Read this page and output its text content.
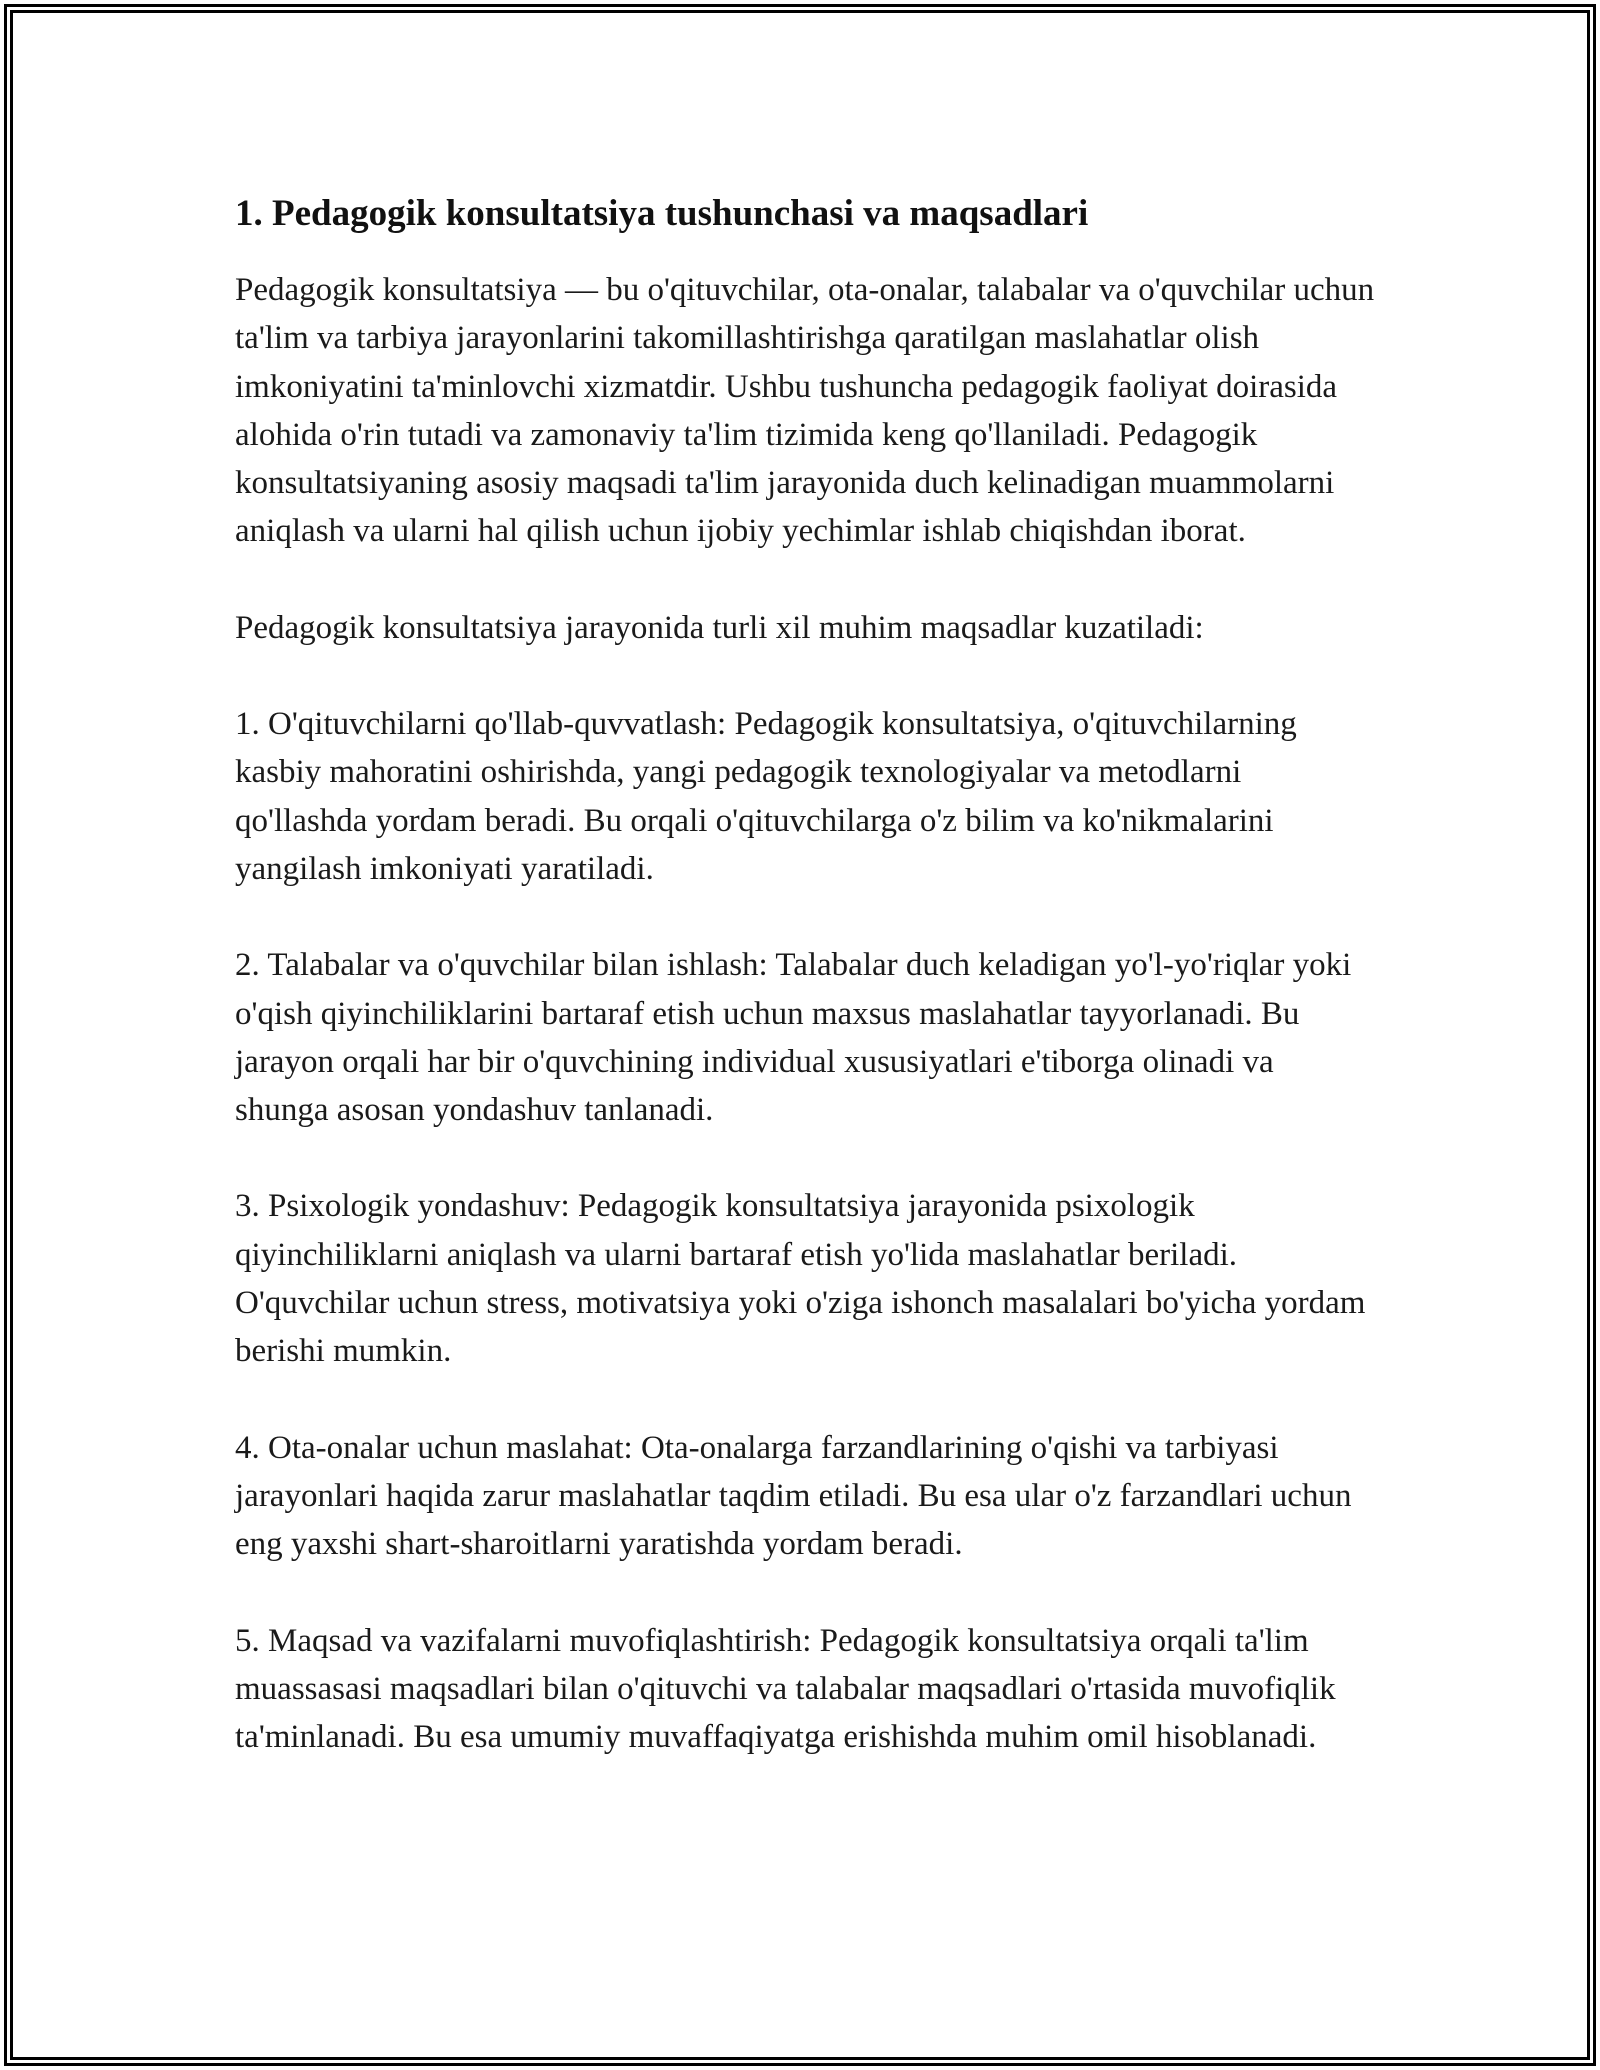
1. Pedagogik konsultatsiya tushunchasi va maqsadlari

Pedagogik konsultatsiya — bu o'qituvchilar, ota-onalar, talabalar va o'quvchilar uchun ta'lim va tarbiya jarayonlarini takomillashtirishga qaratilgan maslahatlar olish imkoniyatini ta'minlovchi xizmatdir. Ushbu tushuncha pedagogik faoliyat doirasida alohida o'rin tutadi va zamonaviy ta'lim tizimida keng qo'llaniladi. Pedagogik konsultatsiyaning asosiy maqsadi ta'lim jarayonida duch kelinadigan muammolarni aniqlash va ularni hal qilish uchun ijobiy yechimlar ishlab chiqishdan iborat.

Pedagogik konsultatsiya jarayonida turli xil muhim maqsadlar kuzatiladi:

1. O'qituvchilarni qo'llab-quvvatlash: Pedagogik konsultatsiya, o'qituvchilarning kasbiy mahoratini oshirishda, yangi pedagogik texnologiyalar va metodlarni qo'llashda yordam beradi. Bu orqali o'qituvchilarga o'z bilim va ko'nikmalarini yangilash imkoniyati yaratiladi.

2. Talabalar va o'quvchilar bilan ishlash: Talabalar duch keladigan yo'l-yo'riqlar yoki o'qish qiyinchiliklarini bartaraf etish uchun maxsus maslahatlar tayyorlanadi. Bu jarayon orqali har bir o'quvchining individual xususiyatlari e'tiborga olinadi va shunga asosan yondashuv tanlanadi.

3. Psixologik yondashuv: Pedagogik konsultatsiya jarayonida psixologik qiyinchiliklarni aniqlash va ularni bartaraf etish yo'lida maslahatlar beriladi. O'quvchilar uchun stress, motivatsiya yoki o'ziga ishonch masalalari bo'yicha yordam berishi mumkin.

4. Ota-onalar uchun maslahat: Ota-onalarga farzandlarining o'qishi va tarbiyasi jarayonlari haqida zarur maslahatlar taqdim etiladi. Bu esa ular o'z farzandlari uchun eng yaxshi shart-sharoitlarni yaratishda yordam beradi.

5. Maqsad va vazifalarni muvofiqlashtirish: Pedagogik konsultatsiya orqali ta'lim muassasasi maqsadlari bilan o'qituvchi va talabalar maqsadlari o'rtasida muvofiqlik ta'minlanadi. Bu esa umumiy muvaffaqiyatga erishishda muhim omil hisoblanadi.
